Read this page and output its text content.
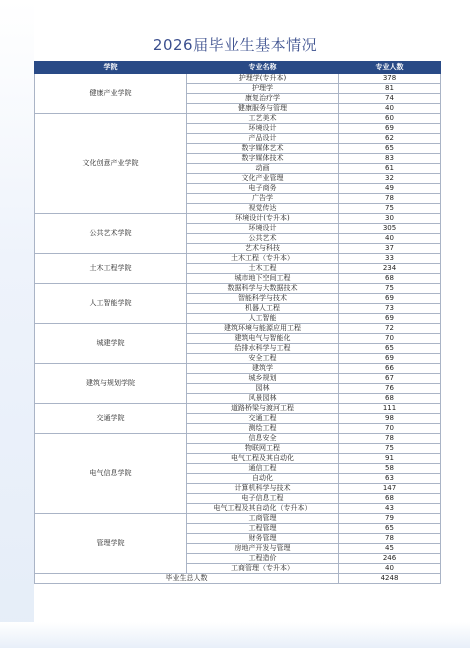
2026届毕业生基本情况
学院	专业名称	专业人数
健康产业学院	护理学(专升本)	378
	护理学	81
	康复治疗学	74
	健康服务与管理	40
文化创意产业学院	工艺美术	60
	环境设计	69
	产品设计	62
	数字媒体艺术	65
	数字媒体技术	83
	动画	61
	文化产业管理	32
	电子商务	49
	广告学	78
	视觉传达	75
公共艺术学院	环境设计(专升本)	30
	环境设计	305
	公共艺术	40
	艺术与科技	37
土木工程学院	土木工程（专升本）	33
	土木工程	234
	城市地下空间工程	68
人工智能学院	数据科学与大数据技术	75
	智能科学与技术	69
	机器人工程	73
	人工智能	69
城建学院	建筑环境与能源应用工程	72
	建筑电气与智能化	70
	给排水科学与工程	65
	安全工程	69
建筑与规划学院	建筑学	66
	城乡规划	67
	园林	76
	风景园林	68
交通学院	道路桥梁与渡河工程	111
	交通工程	98
	测绘工程	70
电气信息学院	信息安全	78
	物联网工程	75
	电气工程及其自动化	91
	通信工程	58
	自动化	63
	计算机科学与技术	147
	电子信息工程	68
	电气工程及其自动化（专升本）	43
管理学院	工商管理	79
	工程管理	65
	财务管理	78
	房地产开发与管理	45
	工程造价	246
	工商管理（专升本）	40
毕业生总人数		4248
